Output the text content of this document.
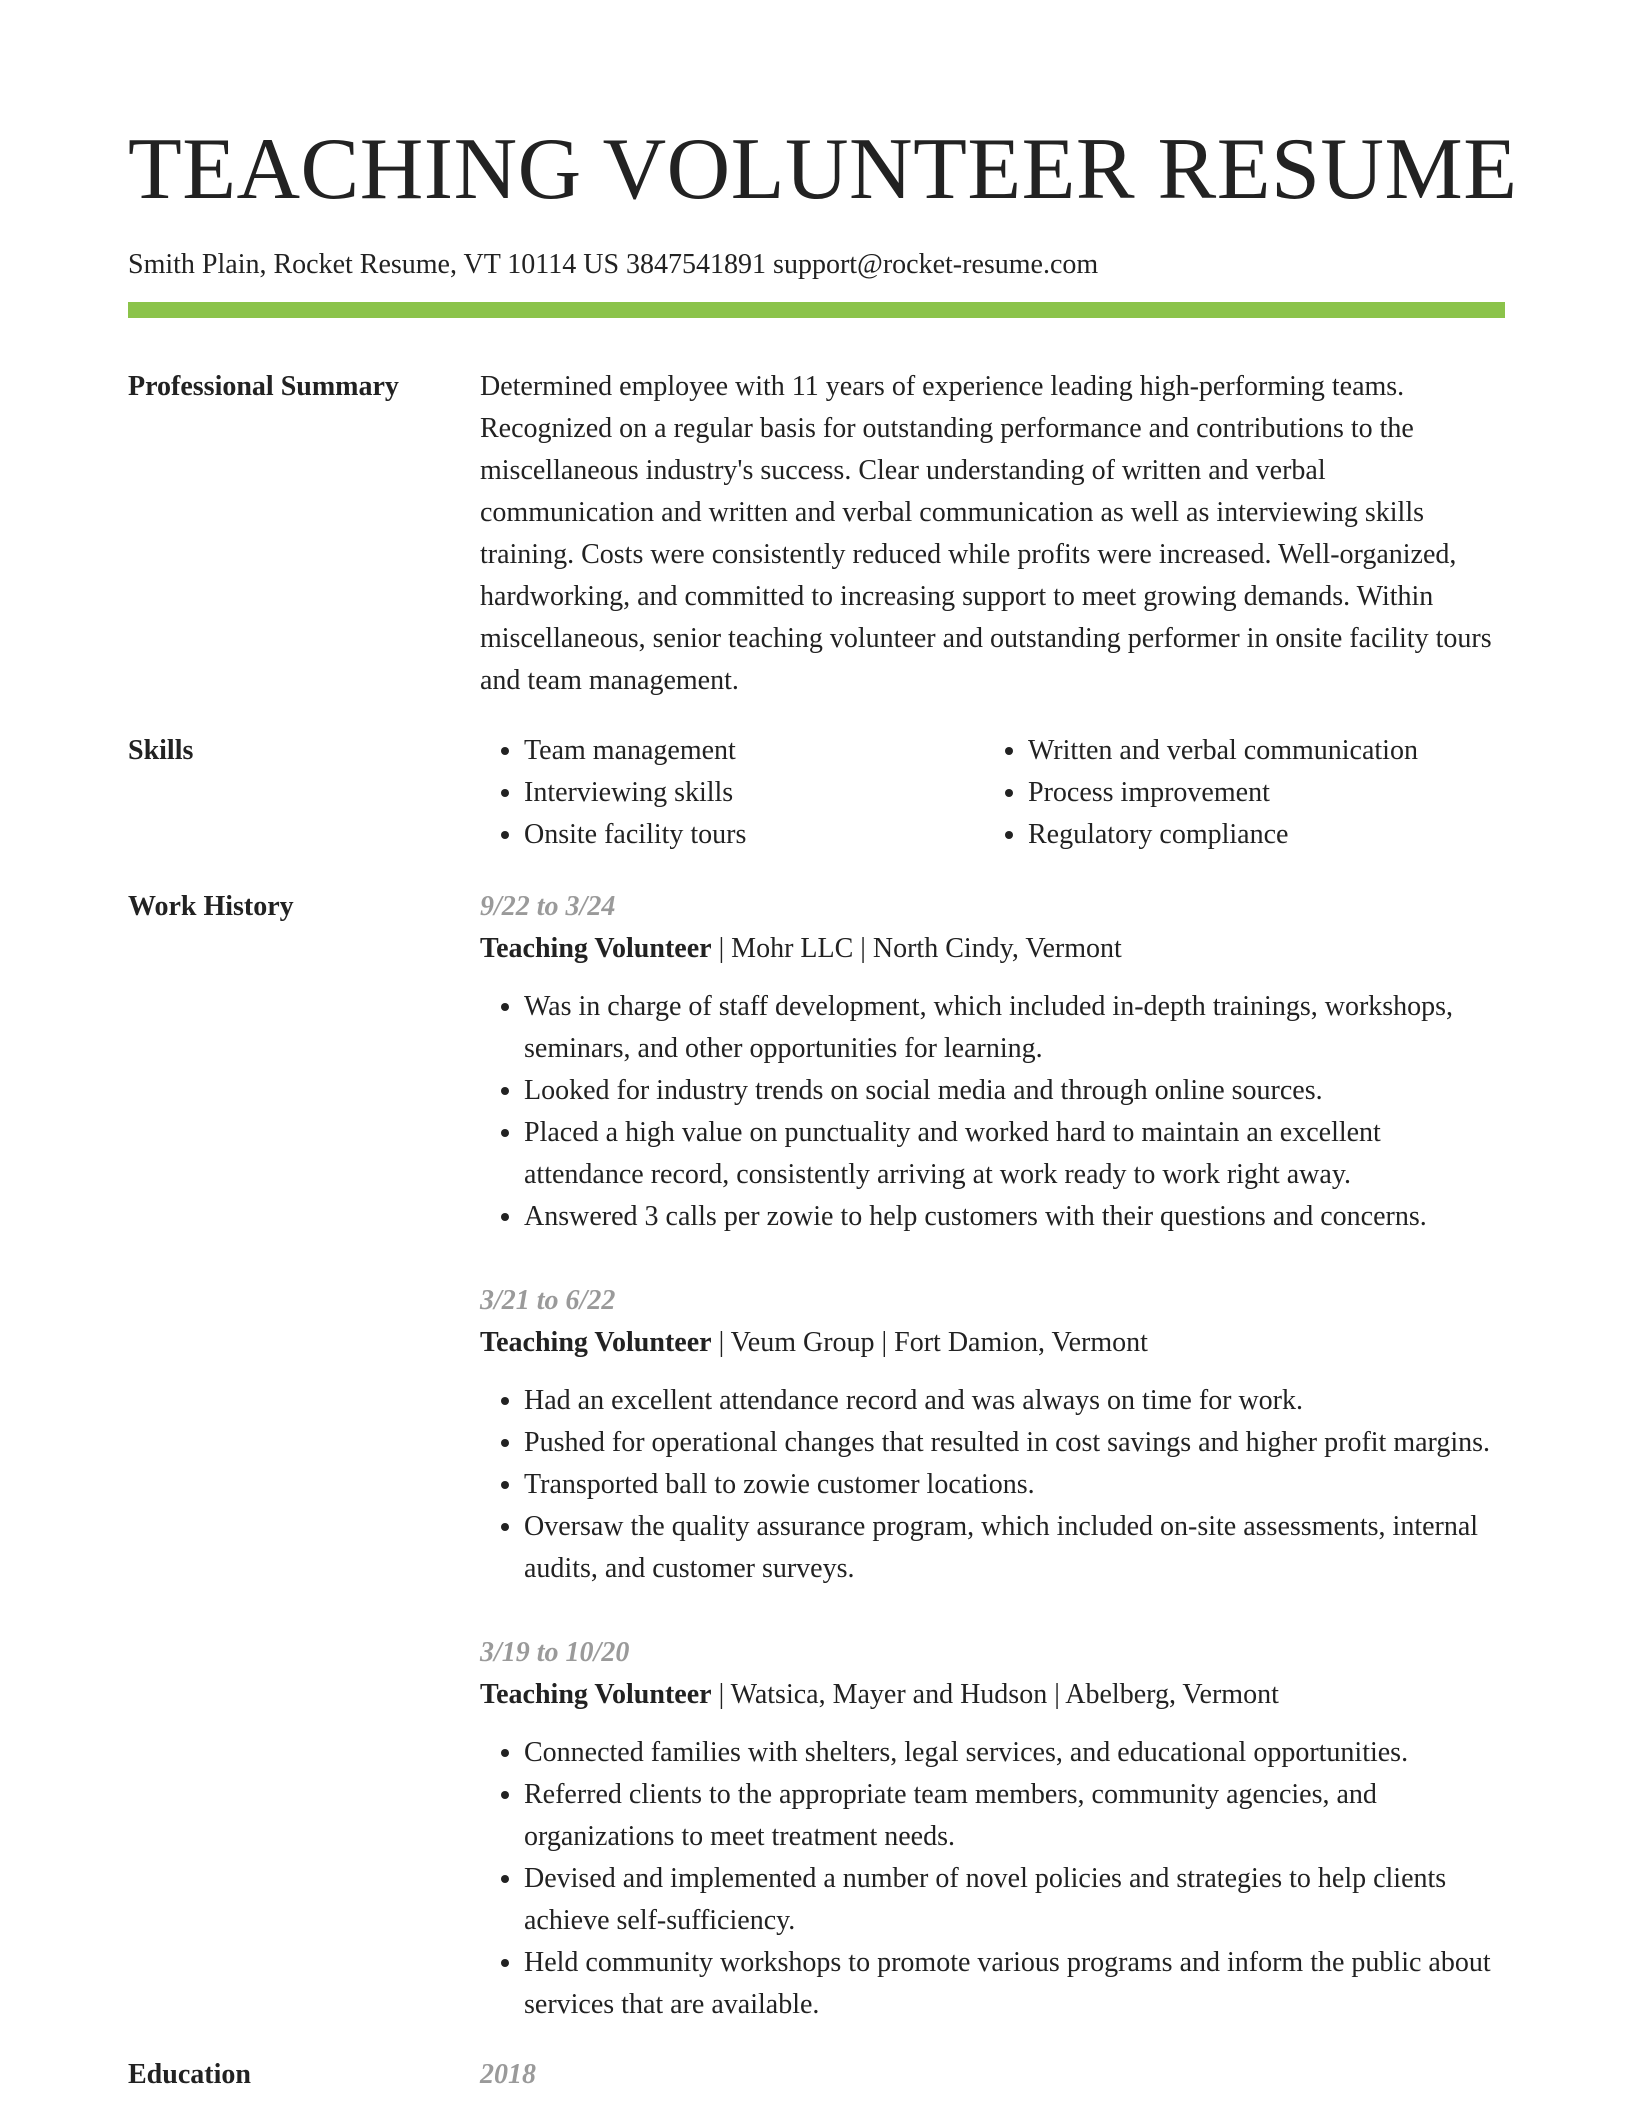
TEACHING VOLUNTEER RESUME
Smith Plain, Rocket Resume, VT 10114 US 3847541891 support@rocket-resume.com
Professional Summary	Determined employee with 11 years of experience leading high-performing teams. Recognized on a regular basis for outstanding performance and contributions to the miscellaneous industry's success. Clear understanding of written and verbal communication and written and verbal communication as well as interviewing skills training. Costs were consistently reduced while profits were increased. Well-organized, hardworking, and committed to increasing support to meet growing demands. Within miscellaneous, senior teaching volunteer and outstanding performer in onsite facility tours and team management.

Skills
•	Team management
• Interviewing skills
• Onsite facility tours
• Written and verbal communication
• Process improvement
• Regulatory compliance
Work History	9/22 to 3/24
Teaching Volunteer | Mohr LLC | North Cindy, Vermont
• Was in charge of staff development, which included in-depth trainings, workshops, seminars, and other opportunities for learning.
• Looked for industry trends on social media and through online sources.
• Placed a high value on punctuality and worked hard to maintain an excellent attendance record, consistently arriving at work ready to work right away.
• Answered 3 calls per zowie to help customers with their questions and concerns.
3/21 to 6/22
Teaching Volunteer | Veum Group | Fort Damion, Vermont
• Had an excellent attendance record and was always on time for work.
• Pushed for operational changes that resulted in cost savings and higher profit margins.
• Transported ball to zowie customer locations.
• Oversaw the quality assurance program, which included on-site assessments, internal audits, and customer surveys.
3/19 to 10/20
Teaching Volunteer | Watsica, Mayer and Hudson | Abelberg, Vermont
• Connected families with shelters, legal services, and educational opportunities.
• Referred clients to the appropriate team members, community agencies, and organizations to meet treatment needs.
• Devised and implemented a number of novel policies and strategies to help clients achieve self-sufficiency.
• Held community workshops to promote various programs and inform the public about services that are available.
Education	2018
